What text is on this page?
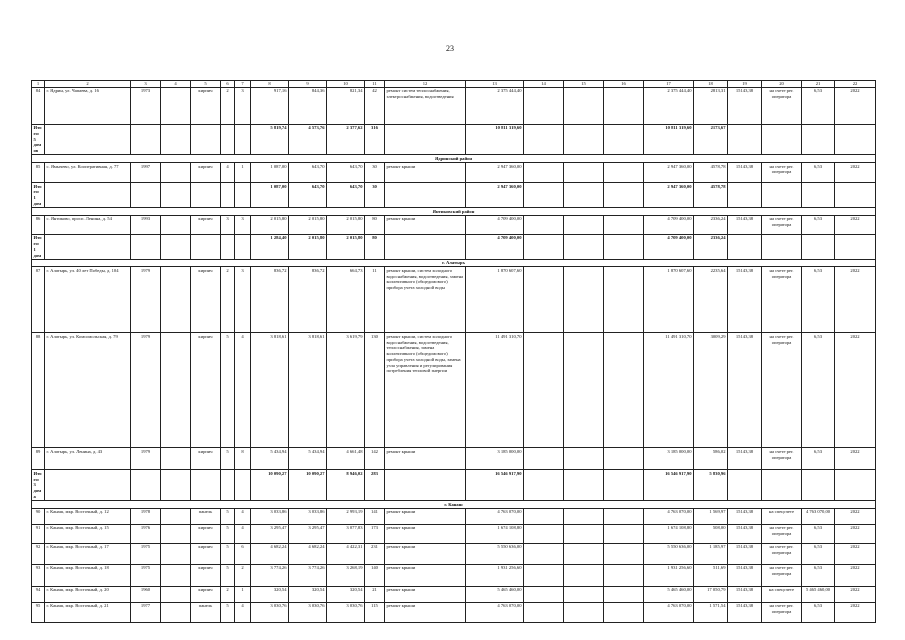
23
1	2	3	4	5	6	7	8	9	10	11	12	13	14	15	16	17	18	19	20	21	22
84	г. Ядрин, ул. Чапаева, д. 16	1973		кирпич	2	3	917,16	844,36	821,34	42	ремонт систем теплоснабжения, электроснабжения, водоотведения	2 375 444,40				2 375 444,40	2813,31	15143,38	на счете рег. оператора	6,53	2022
Итого: 5 домов							5 819,74	4 573,76	2 377,62	316		10 811 319,60				10 811 319,60	2173,67				
Ядринский район																					
85	с. Ямычево, ул. Кооперативная, д. 77	1997		кирпич	4	1	1 087,00	643,70	643,70	30	ремонт крыши	2 947 360,00				2 947 360,00	4578,78	15143,38	на счете рег. оператора	6,53	2022
Итого: 1 дом							1 087,00	643,70	643,70	30		2 947 360,00				2 947 360,00	4578,78				
Янтиковский район																					
86	с. Янтиково, просп. Ленина, д. 54	1993		кирпич	3	3	2 015,80	2 015,80	2 015,80	80	ремонт крыши	4 709 400,00				4 709 400,00	2336,24	15143,38	на счете рег. оператора	6,53	2022
Итого: 1 дом							1 284,40	2 015,80	2 015,80	80		4 709 400,00				4 709 400,00	2336,24				
г. Алатырь																					
87	г. Алатырь, ул. 40 лет Победы, д. 104	1979		кирпич	2	3	836,72	836,72	664,73	11	ремонт крыши, систем холодного водоснабжения, водоотведения, замена коллективного (общедомового) прибора учета холодной воды	1 870 607,60				1 870 607,60	2235,64	15143,38	на счете рег. оператора	6,53	2022
88	г. Алатырь, ул. Комсомольская, д. 79	1979		кирпич	5	4	3 818,61	3 818,61	3 619,79	130	ремонт крыши, систем холодного водоснабжения, водоотведения, теплоснабжения, замена коллективного (общедомового) прибора учета холодной воды, замена узла управления и регулирования потребления тепловой энергии	11 491 310,70				11 491 310,70	3009,29	15143,38	на счете рег. оператора	6,53	2022
89	г. Алатырь, ул. Ленина, д. 43	1979		кирпич	5	8	5 434,94	5 434,94	4 661,48	142	ремонт крыши	3 185 000,00				3 185 000,00	586,02	15143,38	на счете рег. оператора	6,53	2022
Итого: 3 дома							10 090,27	10 090,27	8 946,02	283		16 546 917,90				16 546 917,90	5 830,96				
г. Канаш																					
90	г. Канаш, мкр. Восточный, д. 12	1978		панель	5	4	3 033,86	3 033,86	2 993,19	141	ремонт крыши	4 763 070,00				4 763 070,00	1 569,97	15143,38	на спецсчете	4 763 070,00	2022
91	г. Канаш, мкр. Восточный, д. 15	1976		кирпич	5	4	3 295,47	3 295,47	3 077,83	173	ремонт крыши	1 674 108,80				1 674 108,80	508,00	15143,38	на счете рег. оператора	6,53	2022
92	г. Канаш, мкр. Восточный, д. 17	1975		кирпич	5	6	4 682,24	4 682,24	4 422,31	231	ремонт крыши	5 550 636,00				5 550 636,00	1 185,97	15143,38	на счете рег. оператора	6,53	2022
93	г. Канаш, мкр. Восточный, д. 18	1975		кирпич	5	2	3 774,26	3 774,26	3 268,19	140	ремонт крыши	1 931 256,60				1 931 256,60	511,69	15143,38	на счете рег. оператора	6,53	2022
94	г. Канаш, мкр. Восточный, д. 20	1960		кирпич	2	1	320,54	320,54	320,54	21	ремонт крыши	5 465 460,00				5 465 460,00	17 050,79	15143,38	на спецсчете	5 465 460,00	2022
95	г. Канаш, мкр. Восточный, д. 21	1977		панель	5	4	3 030,76	3 030,76	3 030,76	115	ремонт крыши	4 763 070,00				4 763 070,00	1 571,54	15143,38	на счете рег. оператора	6,53	2022
